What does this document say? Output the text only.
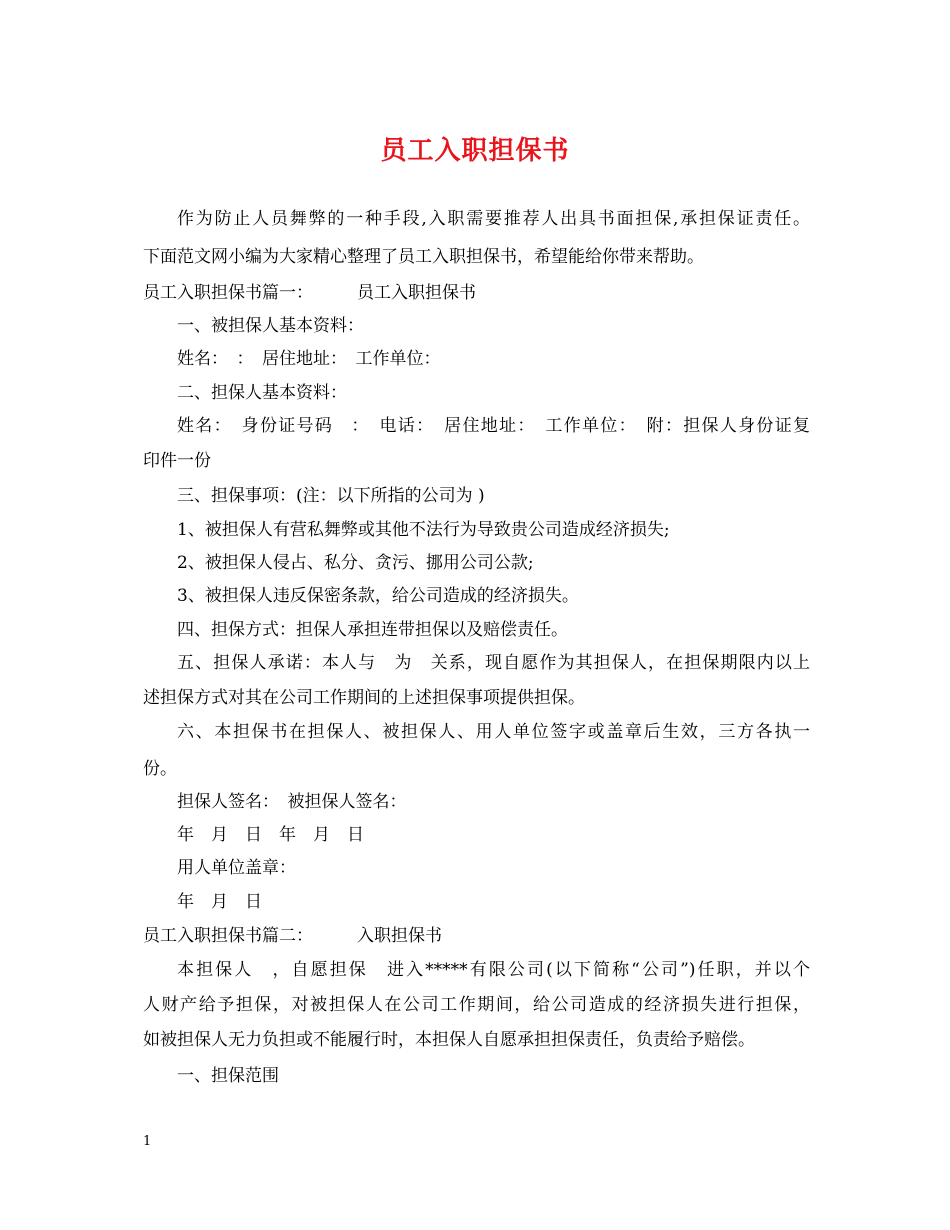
员工入职担保书
作为防止人员舞弊的一种手段,入职需要推荐人出具书面担保,承担保证责任。
下面范文网小编为大家精心整理了员工入职担保书，希望能给你带来帮助。
员工入职担保书篇一：	员工入职担保书
一、被担保人基本资料：
姓名：　：　居住地址：　工作单位：
二、担保人基本资料：
姓名：　身份证号码　：　电话：　居住地址：　工作单位：　附：担保人身份证复
印件一份
三、担保事项：(注：以下所指的公司为 )
1、被担保人有营私舞弊或其他不法行为导致贵公司造成经济损失;
2、被担保人侵占、私分、贪污、挪用公司公款;
3、被担保人违反保密条款，给公司造成的经济损失。
四、担保方式：担保人承担连带担保以及赔偿责任。
五、担保人承诺：本人与　为　关系，现自愿作为其担保人，在担保期限内以上
述担保方式对其在公司工作期间的上述担保事项提供担保。
六、本担保书在担保人、被担保人、用人单位签字或盖章后生效，三方各执一
份。
担保人签名：　被担保人签名：
年　月　日　年　月　日
用人单位盖章：
年　月　日
员工入职担保书篇二：	入职担保书
本担保人　，自愿担保　进入*****有限公司(以下简称“公司”)任职，并以个
人财产给予担保，对被担保人在公司工作期间，给公司造成的经济损失进行担保，
如被担保人无力负担或不能履行时，本担保人自愿承担担保责任，负责给予赔偿。
一、担保范围
1
